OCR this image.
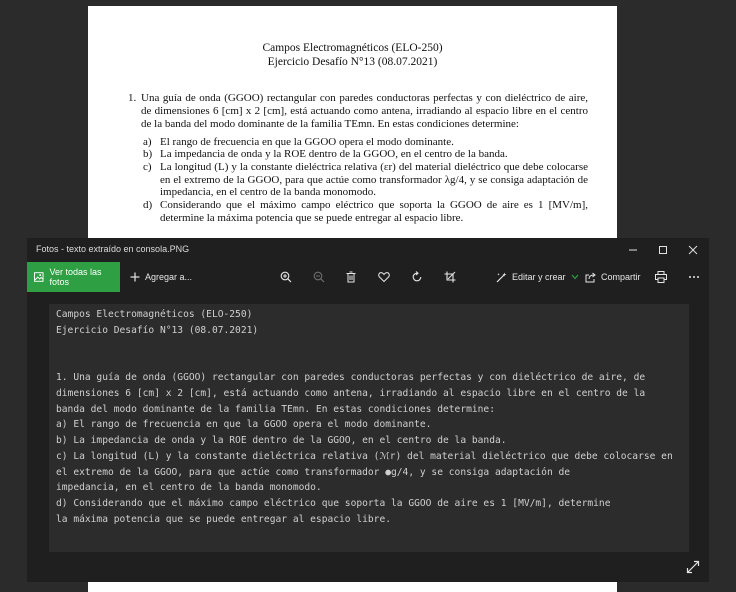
Campos Electromagnéticos (ELO-250)
Ejercicio Desafío N°13 (08.07.2021)
1. Una guía de onda (GGOO) rectangular con paredes conductoras perfectas y con dieléctrico de aire, de dimensiones 6 [cm] x 2 [cm], está actuando como antena, irradiando al espacio libre en el centro de la banda del modo dominante de la familia TEmn. En estas condiciones determine:
a) El rango de frecuencia en que la GGOO opera el modo dominante.
b) La impedancia de onda y la ROE dentro de la GGOO, en el centro de la banda.
c) La longitud (L) y la constante dieléctrica relativa (εr) del material dieléctrico que debe colocarse en el extremo de la GGOO, para que actúe como transformador λg/4, y se consiga adaptación de impedancia, en el centro de la banda monomodo.
d) Considerando que el máximo campo eléctrico que soporta la GGOO de aire es 1 [MV/m], determine la máxima potencia que se puede entregar al espacio libre.
Fotos - texto extraído en consola.PNG
Ver todas las fotos	Agregar a...	Editar y crear	Compartir
Campos Electromagnéticos (ELO-250)
Ejercicio Desafío N°13 (08.07.2021)
1. Una guía de onda (GGOO) rectangular con paredes conductoras perfectas y con dieléctrico de aire, de
dimensiones 6 [cm] x 2 [cm], está actuando como antena, irradiando al espacio libre en el centro de la
banda del modo dominante de la familia TEmn. En estas condiciones determine:
a) El rango de frecuencia en que la GGOO opera el modo dominante.
b) La impedancia de onda y la ROE dentro de la GGOO, en el centro de la banda.
c) La longitud (L) y la constante dieléctrica relativa (ℳr) del material dieléctrico que debe colocarse en
el extremo de la GGOO, para que actúe como transformador ●g/4, y se consiga adaptación de
impedancia, en el centro de la banda monomodo.
d) Considerando que el máximo campo eléctrico que soporta la GGOO de aire es 1 [MV/m], determine
la máxima potencia que se puede entregar al espacio libre.
